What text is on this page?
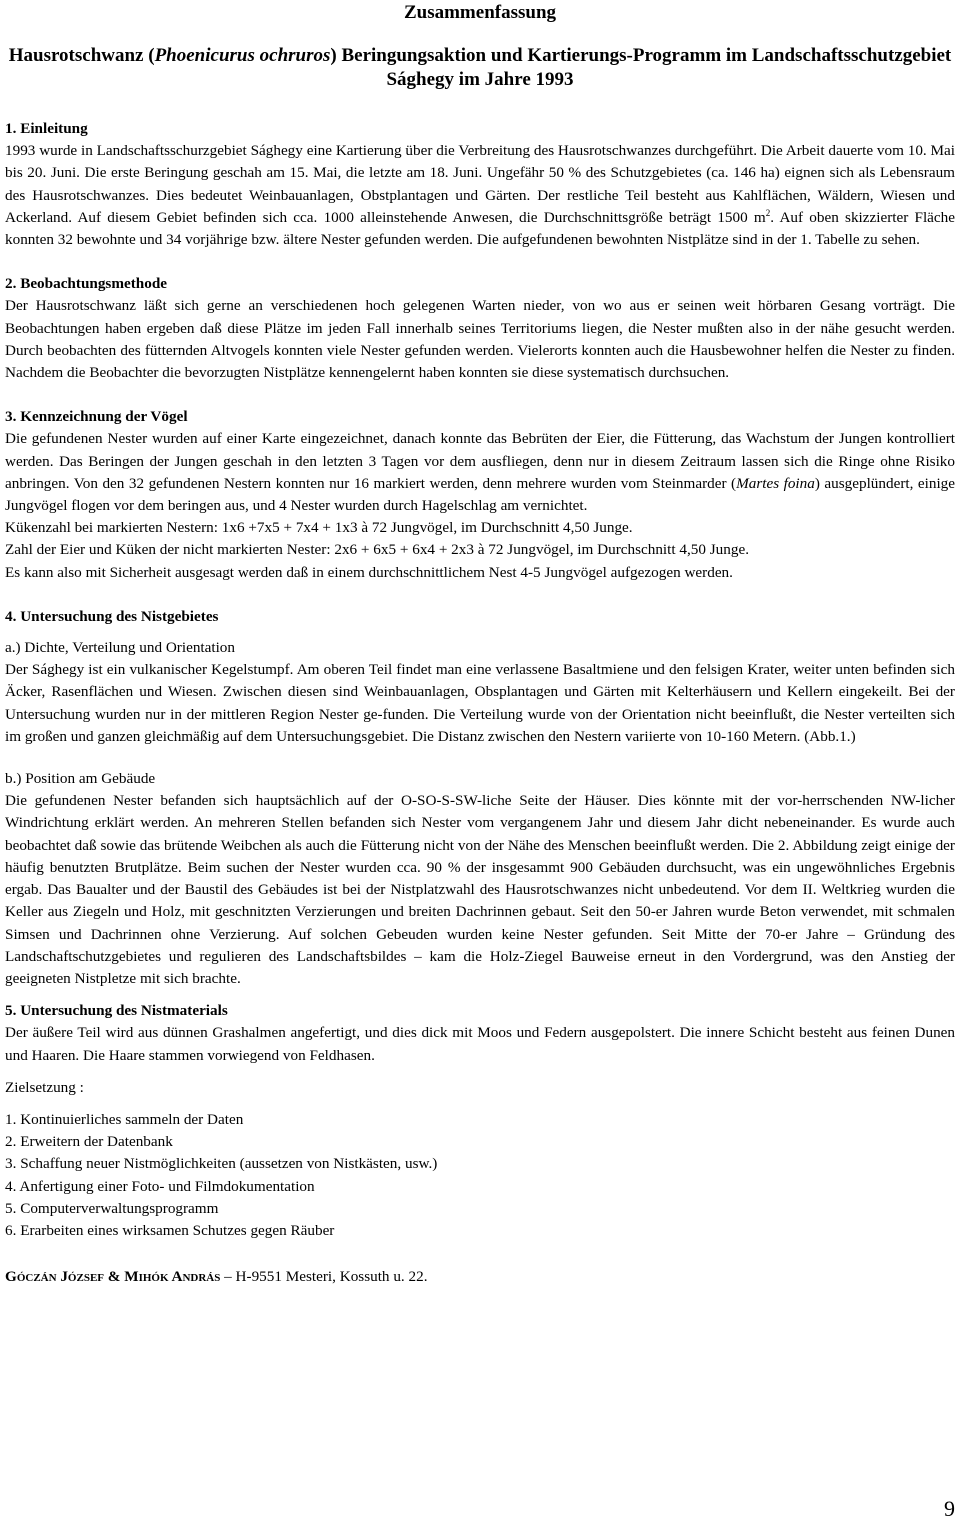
Zusammenfassung
Hausrotschwanz (Phoenicurus ochruros) Beringungsaktion und Kartierungs-Programm im Landschaftsschutzgebiet Sághegy im Jahre 1993
1. Einleitung

1993 wurde in Landschaftsschurzgebiet Sághegy eine Kartierung über die Verbreitung des Hausrotschwanzes durchgeführt. Die Arbeit dauerte vom 10. Mai bis 20. Juni. Die erste Beringung geschah am 15. Mai, die letzte am 18. Juni. Ungefähr 50 % des Schutzgebietes (ca. 146 ha) eignen sich als Lebensraum des Hausrotschwanzes. Dies bedeutet Weinbauanlagen, Obstplantagen und Gärten. Der restliche Teil besteht aus Kahlflächen, Wäldern, Wiesen und Ackerland. Auf diesem Gebiet befinden sich cca. 1000 alleinstehende Anwesen, die Durchschnittsgröße beträgt 1500 $m^2$. Auf oben skizzierter Fläche konnten 32 bewohnte und 34 vorjährige bzw. ältere Nester gefunden werden. Die aufgefundenen bewohnten Nistplätze sind in der 1. Tabelle zu sehen.

2. Beobachtungsmethode

Der Hausrotschwanz läßt sich gerne an verschiedenen hoch gelegenen Warten nieder, von wo aus er seinen weit hörbaren Gesang vorträgt. Die Beobachtungen haben ergeben daß diese Plätze im jeden Fall innerhalb seines Territoriums liegen, die Nester mußten also in der nähe gesucht werden. Durch beobachten des fütternden Altvogels konnten viele Nester gefunden werden. Vielerorts konnten auch die Hausbewohner helfen die Nester zu finden. Nachdem die Beobachter die bevorzugten Nistplätze kennengelernt haben konnten sie diese systematisch durchsuchen.

3. Kennzeichnung der Vögel

Die gefundenen Nester wurden auf einer Karte eingezeichnet, danach konnte das Bebrüten der Eier, die Fütterung, das Wachstum der Jungen kontrolliert werden. Das Beringen der Jungen geschah in den letzten 3 Tagen vor dem ausfliegen, denn nur in diesem Zeitraum lassen sich die Ringe ohne Risiko anbringen. Von den 32 gefundenen Nestern konnten nur 16 markiert werden, denn mehrere wurden vom Steinmarder (Martes foina) ausgeplündert, einige Jungvögel flogen vor dem beringen aus, und 4 Nester wurden durch Hagelschlag am vernichtet.

Kükenzahl bei markierten Nestern: 1x6 +7x5 + 7x4 + 1x3 à 72 Jungvögel, im Durchschnitt 4,50 Junge.

Zahl der Eier und Küken der nicht markierten Nester: 2x6 + 6x5 + 6x4 + 2x3 à 72 Jungvögel, im Durchschnitt 4,50 Junge.

Es kann also mit Sicherheit ausgesagt werden daß in einem durchschnittlichem Nest 4-5 Jungvögel aufgezogen werden.

4. Untersuchung des Nistgebietes
a.) Dichte, Verteilung und Orientation

Der Sághegy ist ein vulkanischer Kegelstumpf. Am oberen Teil findet man eine verlassene Basaltmiene und den felsigen Krater, weiter unten befinden sich Äcker, Rasenflächen und Wiesen. Zwischen diesen sind Weinbauanlagen, Obsplantagen und Gärten mit Kelterhäusern und Kellern eingekeilt. Bei der Untersuchung wurden nur in der mittleren Region Nester ge-funden. Die Verteilung wurde von der Orientation nicht beeinflußt, die Nester verteilten sich im großen und ganzen gleichmäßig auf dem Untersuchungsgebiet. Die Distanz zwischen den Nestern variierte von 10-160 Metern. (Abb.1.)

b.) Position am Gebäude

Die gefundenen Nester befanden sich hauptsächlich auf der O-SO-S-SW-liche Seite der Häuser. Dies könnte mit der vor-herrschenden NW-licher Windrichtung erklärt werden. An mehreren Stellen befanden sich Nester vom vergangenem Jahr und diesem Jahr dicht nebeneinander. Es wurde auch beobachtet daß sowie das brütende Weibchen als auch die Fütterung nicht von der Nähe des Menschen beeinflußt werden. Die 2. Abbildung zeigt einige der häufig benutzten Brutplätze. Beim suchen der Nester wurden cca. 90 % der insgesammt 900 Gebäuden durchsucht, was ein ungewöhnliches Ergebnis ergab. Das Baualter und der Baustil des Gebäudes ist bei der Nistplatzwahl des Hausrotschwanzes nicht unbedeutend. Vor dem II. Weltkrieg wurden die Keller aus Ziegeln und Holz, mit geschnitzten Verzierungen und breiten Dachrinnen gebaut. Seit den 50-er Jahren wurde Beton verwendet, mit schmalen Simsen und Dachrinnen ohne Verzierung. Auf solchen Gebeuden wurden keine Nester gefunden. Seit Mitte der 70-er Jahre – Gründung des Landschaftschutzgebietes und regulieren des Landschaftsbildes – kam die Holz-Ziegel Bauweise erneut in den Vordergrund, was den Anstieg der geeigneten Nistpletze mit sich brachte.

5. Untersuchung des Nistmaterials

Der äußere Teil wird aus dünnen Grashalmen angefertigt, und dies dick mit Moos und Federn ausgepolstert. Die innere Schicht besteht aus feinen Dunen und Haaren. Die Haare stammen vorwiegend von Feldhasen.

Zielsetzung :
1. Kontinuierliches sammeln der Daten
2. Erweitern der Datenbank
3. Schaffung neuer Nistmöglichkeiten (aussetzen von Nistkästen, usw.)
4. Anfertigung einer Foto- und Filmdokumentation
5. Computerverwaltungsprogramm
6. Erarbeiten eines wirksamen Schutzes gegen Räuber
Góczán József & Mihók András – H-9551 Mesteri, Kossuth u. 22.
9
